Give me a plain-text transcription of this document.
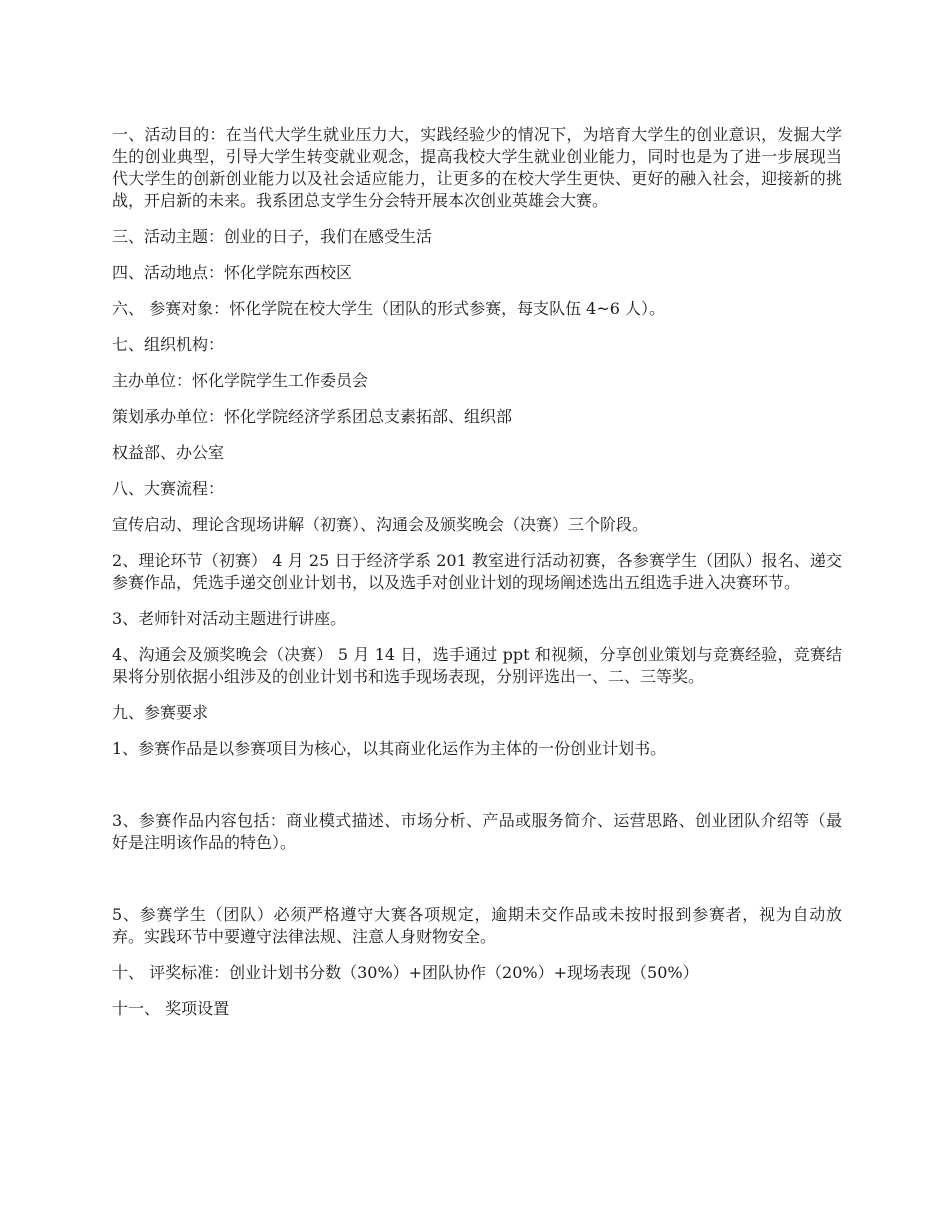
一、活动目的：在当代大学生就业压力大，实践经验少的情况下，为培育大学生的创业意识，发掘大学生的创业典型，引导大学生转变就业观念，提高我校大学生就业创业能力，同时也是为了进一步展现当代大学生的创新创业能力以及社会适应能力，让更多的在校大学生更快、更好的融入社会，迎接新的挑战，开启新的未来。我系团总支学生分会特开展本次创业英雄会大赛。

三、活动主题：创业的日子，我们在感受生活

四、活动地点：怀化学院东西校区

六、 参赛对象：怀化学院在校大学生（团队的形式参赛，每支队伍 4~6 人）。

七、组织机构：

主办单位：怀化学院学生工作委员会

策划承办单位：怀化学院经济学系团总支素拓部、组织部

权益部、办公室

八、大赛流程：

宣传启动、理论含现场讲解（初赛）、沟通会及颁奖晚会（决赛）三个阶段。

2、理论环节（初赛） 4 月 25 日于经济学系 201 教室进行活动初赛，各参赛学生（团队）报名、递交参赛作品，凭选手递交创业计划书，以及选手对创业计划的现场阐述选出五组选手进入决赛环节。

3、老师针对活动主题进行讲座。

4、沟通会及颁奖晚会（决赛） 5 月 14 日，选手通过 ppt 和视频，分享创业策划与竞赛经验，竞赛结果将分别依据小组涉及的创业计划书和选手现场表现，分别评选出一、二、三等奖。

九、参赛要求

1、参赛作品是以参赛项目为核心，以其商业化运作为主体的一份创业计划书。

3、参赛作品内容包括：商业模式描述、市场分析、产品或服务简介、运营思路、创业团队介绍等（最好是注明该作品的特色）。

5、参赛学生（团队）必须严格遵守大赛各项规定，逾期未交作品或未按时报到参赛者，视为自动放弃。实践环节中要遵守法律法规、注意人身财物安全。

十、 评奖标准：创业计划书分数（30%）+团队协作（20%）+现场表现（50%）

十一、 奖项设置
